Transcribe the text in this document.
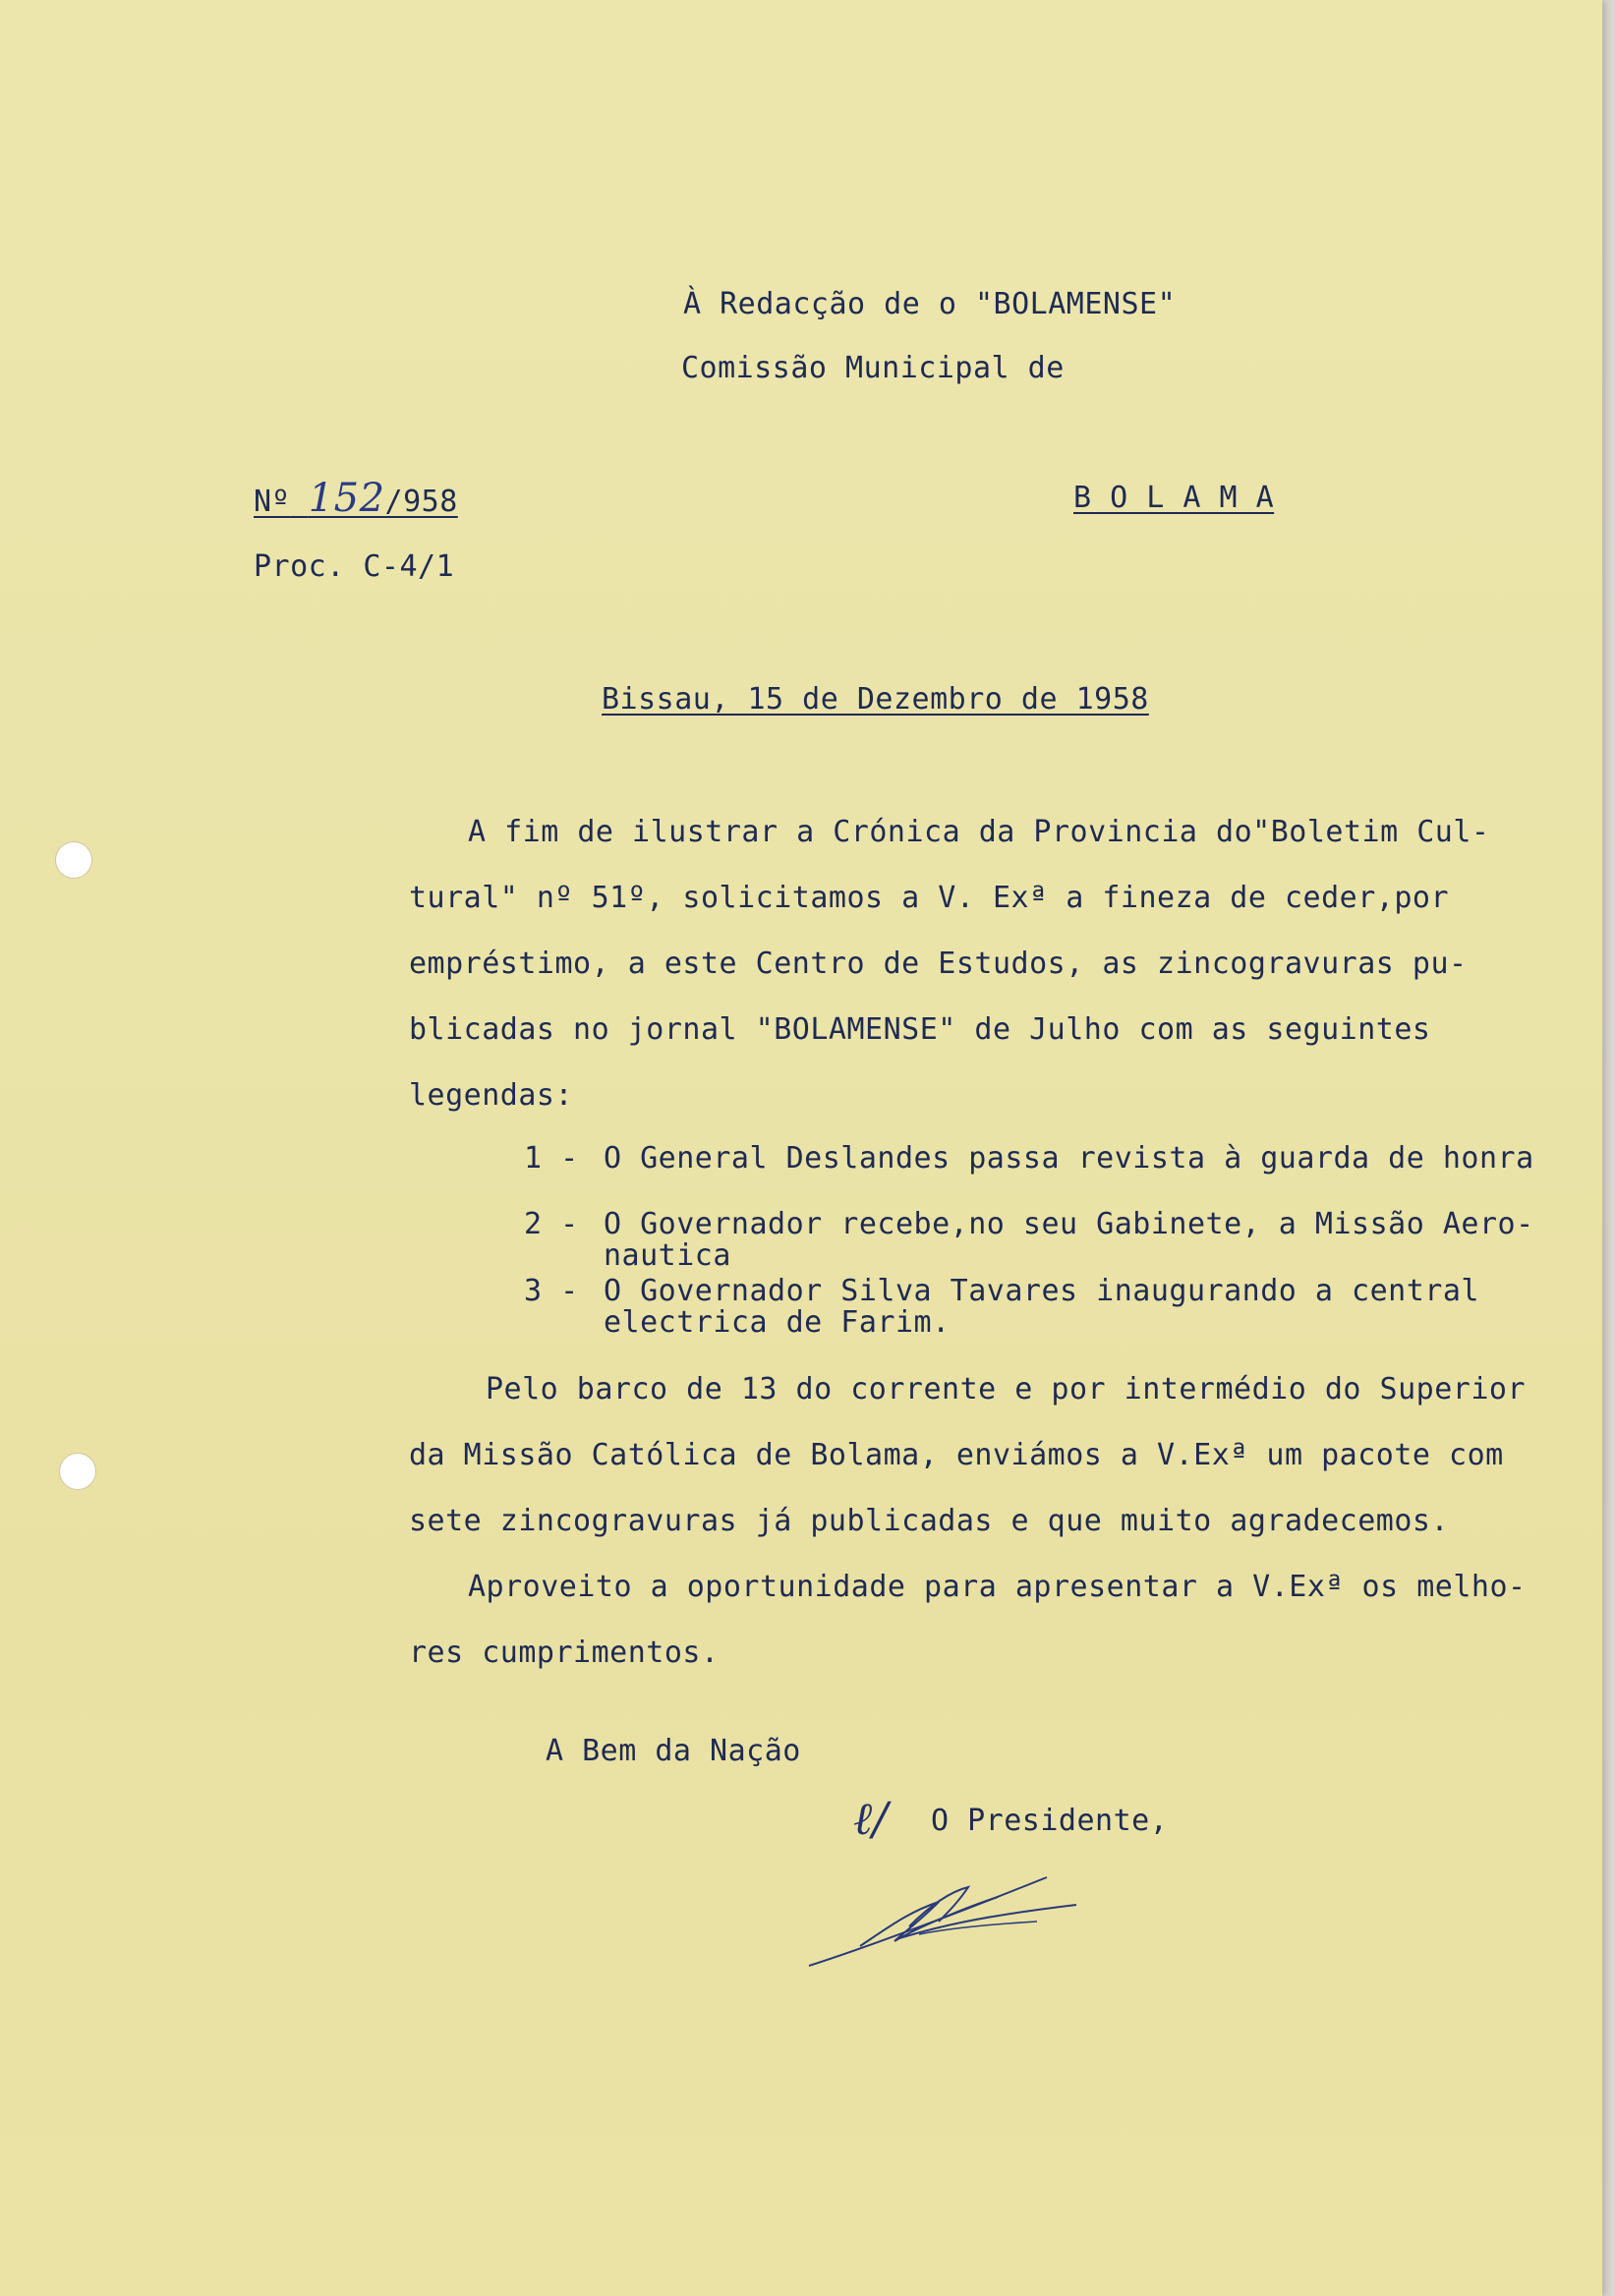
À Redacção de o "BOLAMENSE"
Comissão Municipal de
Nº 152/958
Proc. C-4/1
B O L A M A
Bissau, 15 de Dezembro de 1958
A fim de ilustrar a Crónica da Provincia do"Boletim Cul-
tural" nº 51º, solicitamos a V. Exª a fineza de ceder,por
empréstimo, a este Centro de Estudos, as zincogravuras pu-
blicadas no jornal "BOLAMENSE" de Julho com as seguintes
legendas:
1 - O General Deslandes passa revista à guarda de honra
2 - O Governador recebe,no seu Gabinete, a Missão Aero-
nautica
3 - O Governador Silva Tavares inaugurando a central
electrica de Farim.
Pelo barco de 13 do corrente e por intermédio do Superior
da Missão Católica de Bolama, enviámos a V.Exª um pacote com
sete zincogravuras já publicadas e que muito agradecemos.
Aproveito a oportunidade para apresentar a V.Exª os melho-
res cumprimentos.
A Bem da Nação
ℓ/ O Presidente,
